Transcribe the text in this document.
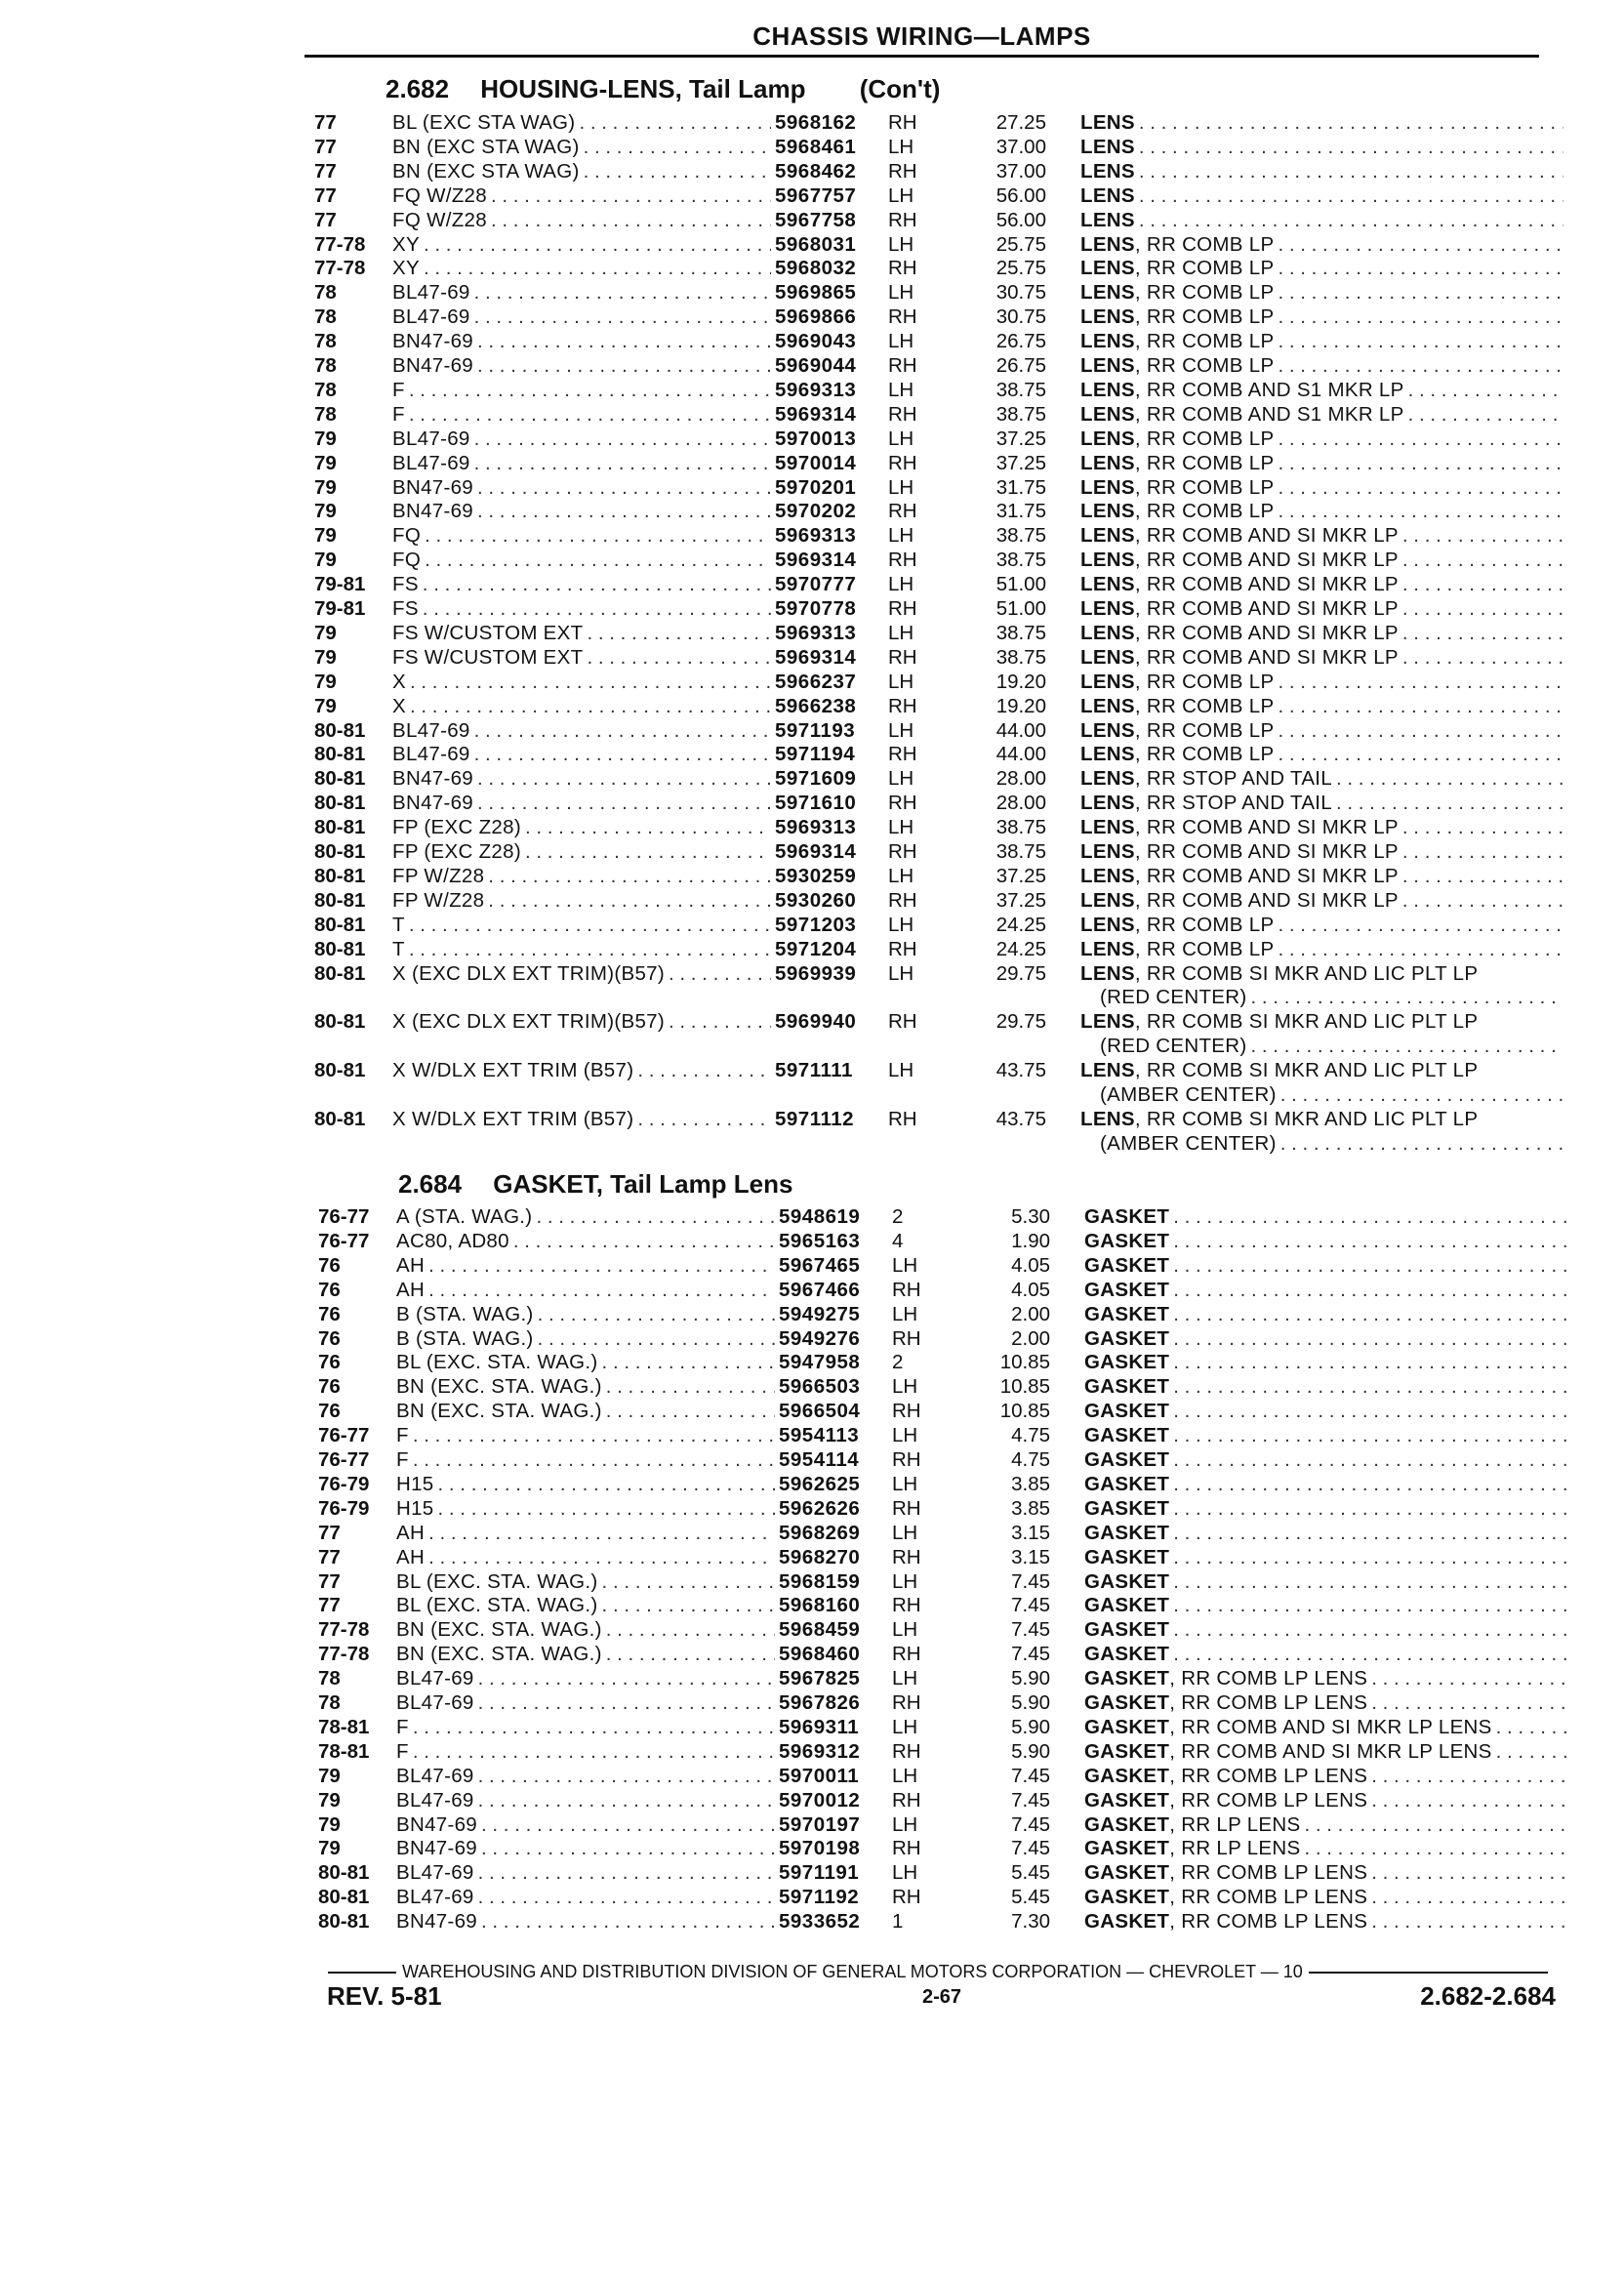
CHASSIS WIRING—LAMPS
2.682 HOUSING-LENS, Tail Lamp (Con't)
77	BL (EXC STA WAG) . . .	5968162	RH	27.25 LENS
. . .
77	BN (EXC STA WAG) . . .	5968461	LH	37.00 LENS
. . .
77	BN (EXC STA WAG) . . .	5968462	RH	37.00 LENS
. . .
77	FQ W/Z28 . . .	5967757	LH	56.00 LENS
. . .
77	FQ W/Z28 . . .	5967758	RH	56.00 LENS
. . .
77-78	XY . . .	5968031	LH	25.75 LENS, RR COMB LP
. . .
77-78	XY . . .	5968032	RH	25.75 LENS, RR COMB LP
. . .
78	BL47-69 . . .	5969865	LH	30.75 LENS, RR COMB LP
. . .
78	BL47-69 . . .	5969866	RH	30.75 LENS, RR COMB LP
. . .
78	BN47-69 . . .	5969043	LH	26.75 LENS, RR COMB LP
. . .
78	BN47-69 . . .	5969044	RH	26.75 LENS, RR COMB LP
. . .
78	F . . .	5969313	LH	38.75 LENS, RR COMB AND S1 MKR LP
. . .
78	F . . .	5969314	RH	38.75 LENS, RR COMB AND S1 MKR LP
. . .
79	BL47-69 . . .	5970013	LH	37.25 LENS, RR COMB LP
. . .
79	BL47-69 . . .	5970014	RH	37.25 LENS, RR COMB LP
. . .
79	BN47-69 . . .	5970201	LH	31.75 LENS, RR COMB LP
. . .
79	BN47-69 . . .	5970202	RH	31.75 LENS, RR COMB LP
. . .
79	FQ . . .	5969313	LH	38.75 LENS, RR COMB AND SI MKR LP
. . .
79	FQ . . .	5969314	RH	38.75 LENS, RR COMB AND SI MKR LP
. . .
79-81	FS . . .	5970777	LH	51.00 LENS, RR COMB AND SI MKR LP
. . .
79-81	FS . . .	5970778	RH	51.00 LENS, RR COMB AND SI MKR LP
. . .
79	FS W/CUSTOM EXT . . .	5969313	LH	38.75 LENS, RR COMB AND SI MKR LP
. . .
79	FS W/CUSTOM EXT . . .	5969314	RH	38.75 LENS, RR COMB AND SI MKR LP
. . .
79	X . . .	5966237	LH	19.20 LENS, RR COMB LP
. . .
79	X . . .	5966238	RH	19.20 LENS, RR COMB LP
. . .
80-81	BL47-69 . . .	5971193	LH	44.00 LENS, RR COMB LP
. . .
80-81	BL47-69 . . .	5971194	RH	44.00 LENS, RR COMB LP
. . .
80-81	BN47-69 . . .	5971609	LH	28.00 LENS, RR STOP AND TAIL
. . .
80-81	BN47-69 . . .	5971610	RH	28.00 LENS, RR STOP AND TAIL
. . .
80-81	FP (EXC Z28) . . .	5969313	LH	38.75 LENS, RR COMB AND SI MKR LP
. . .
80-81	FP (EXC Z28) . . .	5969314	RH	38.75 LENS, RR COMB AND SI MKR LP
. . .
80-81	FP W/Z28 . . .	5930259	LH	37.25 LENS, RR COMB AND SI MKR LP
. . .
80-81	FP W/Z28 . . .	5930260	RH	37.25 LENS, RR COMB AND SI MKR LP
. . .
80-81	T . . .	5971203	LH	24.25 LENS, RR COMB LP
. . .
80-81	T . . .	5971204	RH	24.25 LENS, RR COMB LP
. . .
80-81	X (EXC DLX EXT TRIM)(B57) . . .	5969939	LH	29.75 LENS, RR COMB SI MKR AND LIC PLT LP
(RED CENTER)
. . .
80-81	X (EXC DLX EXT TRIM)(B57) . . .	5969940	RH	29.75 LENS, RR COMB SI MKR AND LIC PLT LP
(RED CENTER)
. . .
80-81	X W/DLX EXT TRIM (B57) . . .	5971111	LH	43.75 LENS, RR COMB SI MKR AND LIC PLT LP
(AMBER CENTER)
. . .
80-81	X W/DLX EXT TRIM (B57) . . .	5971112	RH	43.75 LENS, RR COMB SI MKR AND LIC PLT LP
(AMBER CENTER)
. . .
2.684 GASKET, Tail Lamp Lens
76-77	A (STA. WAG.) . . .	5948619	2	5.30 GASKET
. . .
76-77	AC80, AD80 . . .	5965163	4	1.90 GASKET
. . .
76	AH . . .	5967465	LH	4.05 GASKET
. . .
76	AH . . .	5967466	RH	4.05 GASKET
. . .
76	B (STA. WAG.) . . .	5949275	LH	2.00 GASKET
. . .
76	B (STA. WAG.) . . .	5949276	RH	2.00 GASKET
. . .
76	BL (EXC. STA. WAG.) . . .	5947958	2	10.85 GASKET
. . .
76	BN (EXC. STA. WAG.) . . .	5966503	LH	10.85 GASKET
. . .
76	BN (EXC. STA. WAG.) . . .	5966504	RH	10.85 GASKET
. . .
76-77	F . . .	5954113	LH	4.75 GASKET
. . .
76-77	F . . .	5954114	RH	4.75 GASKET
. . .
76-79	H15 . . .	5962625	LH	3.85 GASKET
. . .
76-79	H15 . . .	5962626	RH	3.85 GASKET
. . .
77	AH . . .	5968269	LH	3.15 GASKET
. . .
77	AH . . .	5968270	RH	3.15 GASKET
. . .
77	BL (EXC. STA. WAG.) . . .	5968159	LH	7.45 GASKET
. . .
77	BL (EXC. STA. WAG.) . . .	5968160	RH	7.45 GASKET
. . .
77-78	BN (EXC. STA. WAG.) . . .	5968459	LH	7.45 GASKET
. . .
77-78	BN (EXC. STA. WAG.) . . .	5968460	RH	7.45 GASKET
. . .
78	BL47-69 . . .	5967825	LH	5.90 GASKET, RR COMB LP LENS
. . .
78	BL47-69 . . .	5967826	RH	5.90 GASKET, RR COMB LP LENS
. . .
78-81	F . . .	5969311	LH	5.90 GASKET, RR COMB AND SI MKR LP LENS
. . .
78-81	F . . .	5969312	RH	5.90 GASKET, RR COMB AND SI MKR LP LENS
. . .
79	BL47-69 . . .	5970011	LH	7.45 GASKET, RR COMB LP LENS
. . .
79	BL47-69 . . .	5970012	RH	7.45 GASKET, RR COMB LP LENS
. . .
79	BN47-69 . . .	5970197	LH	7.45 GASKET, RR LP LENS
. . .
79	BN47-69 . . .	5970198	RH	7.45 GASKET, RR LP LENS
. . .
80-81	BL47-69 . . .	5971191	LH	5.45 GASKET, RR COMB LP LENS
. . .
80-81	BL47-69 . . .	5971192	RH	5.45 GASKET, RR COMB LP LENS
. . .
80-81	BN47-69 . . .	5933652	1	7.30 GASKET, RR COMB LP LENS
. . .
WAREHOUSING AND DISTRIBUTION DIVISION OF GENERAL MOTORS CORPORATION — CHEVROLET — 10
REV. 5-81	2-67	2.682-2.684
